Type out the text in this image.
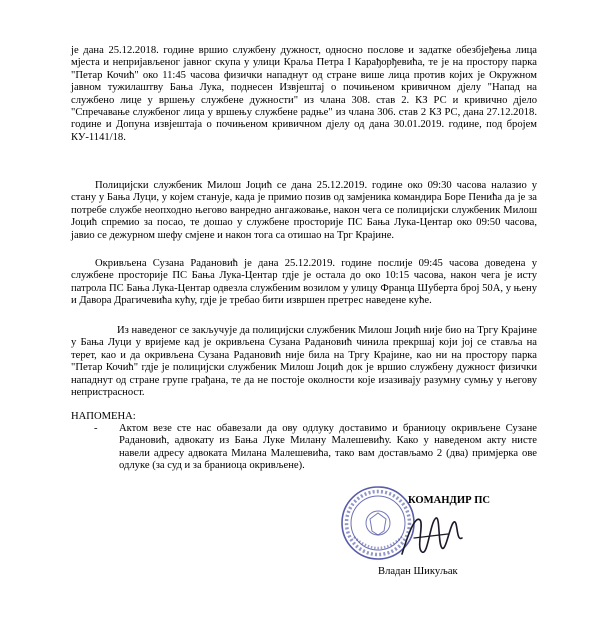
је дана 25.12.2018. године вршио службену дужност, односно послове и задатке обезбјеђења лица мјеста и непријављеног јавног скупа у улици Краља Петра I Карађорђевића, те је на простору парка "Петар Кочић" око 11:45 часова физички нападнут од стране више лица против којих је Окружном јавном тужилаштву Бања Лука, поднесен Извјештај о почињеном кривичном дјелу "Напад на службено лице у вршењу службене дужности" из члана 308. став 2. КЗ РС и кривично дјело "Спречавање службеног лица у вршењу службене радње" из члана 306. став 2 КЗ РС, дана 27.12.2018. године и Допуна извјештаја о почињеном кривичном дјелу од дана 30.01.2019. године, под бројем КУ-1141/18.

Полицијски службеник Милош Јоцић се дана 25.12.2019. године око 09:30 часова налазио у стану у Бања Луци, у којем станује, када је примио позив од замјеника командира Боре Пенића да је за потребе службе неопходно његово ванредно ангажовање, након чега се полицијски службеник Милош Јоцић спремио за посао, те дошао у службене просторије ПС Бања Лука-Центар око 09:50 часова, јавио се дежурном шефу смјене и након тога са отишао на Трг Крајине.

Окривљена Сузана Радановић је дана 25.12.2019. године послије 09:45 часова доведена у службене просторије ПС Бања Лука-Центар гдје је остала до око 10:15 часова, након чега је исту патрола ПС Бања Лука-Центар одвезла службеним возилом у улицу Франца Шуберта број 50А, у њену и Давора Драгичевића кућу, гдје је требао бити извршен претрес наведене куће.

Из наведеног се закључује да полицијски службеник Милош Јоцић није био на Тргу Крајине у Бања Луци у вријеме кад је окривљена Сузана Радановић чинила прекршај који јој се ставља на терет, као и да окривљена Сузана Радановић није била на Тргу Крајине, као ни на простору парка "Петар Кочић" гдје је полицијски службеник Милош Јоцић док је вршио службену дужност физички нападнут од стране групе грађана, те да не постоје околности које изазивају разумну сумњу у његову непристрасност.

НАПОМЕНА:

- Актом везе сте нас обавезали да ову одлуку доставимо и браниоцу окривљене Сузане Радановић, адвокату из Бања Луке Милану Малешевићу. Како у наведеном акту нисте навели адресу адвоката Милана Малешевића, тако вам достављамо 2 (два) примјерка ове одлуке (за суд и за браниоца окривљене).

КОМАНДИР ПС

Владан Шикуљак
